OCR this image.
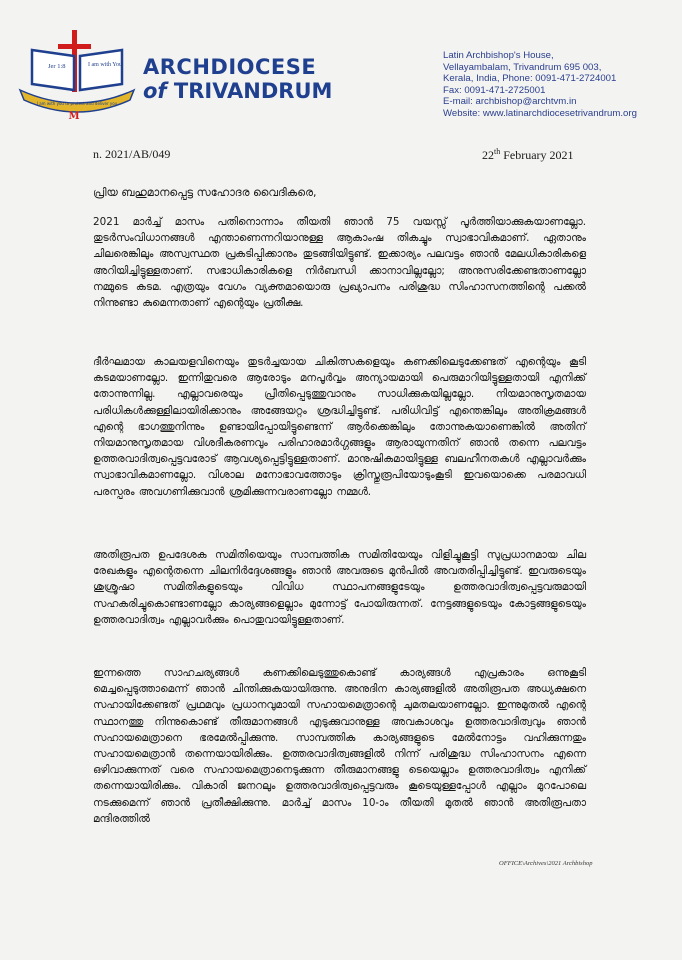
Jer 1:8	I am with You
I am with you to protect and deliver you
M
ARCHDIOCESE
of TRIVANDRUM
Latin Archbishop's House,
Vellayambalam, Trivandrum 695 003,
Kerala, India, Phone: 0091-471-2724001
Fax: 0091-471-2725001
E-mail: archbishop@archtvm.in
Website: www.latinarchdiocesetrivandrum.org
n. 2021/AB/049	22th February 2021
പ്രിയ ബഹുമാനപ്പെട്ട സഹോദര വൈദികരെ,

2021 മാർച്ച് മാസം പതിനൊന്നാം തീയതി ഞാൻ 75 വയസ്സ് പൂർത്തിയാക്കുകയാണല്ലോ. തുടർസംവിധാനങ്ങൾ എന്താണെന്നറിയാനുള്ള ആകാംഷ തികച്ചും സ്വാഭാവികമാണ്. ഏതാനും ചിലരെങ്കിലും അസ്വസ്ഥത പ്രകടിപ്പിക്കാനും തുടങ്ങിയിട്ടുണ്ട്. ഇക്കാര്യം പലവട്ടം ഞാൻ മേലധികാരികളെ അറിയിച്ചിട്ടുള്ളതാണ്. സഭാധികാരികളെ നിർബന്ധി ക്കാനാവില്ലല്ലോ; അനുസരിക്കേണ്ടതാണല്ലോ നമ്മുടെ കടമ. എത്രയും വേഗം വ്യക്തമായൊരു പ്രഖ്യാപനം പരിശുദ്ധ സിംഹാസനത്തിന്റെ പക്കൽ നിന്നുണ്ടാ കുമെന്നതാണ് എന്റെയും പ്രതീക്ഷ.

ദീർഘമായ കാലയളവിനെയും തുടർച്ചയായ ചികിത്സകളെയും കണക്കിലെടുക്കേണ്ടത് എന്റെയും കൂടി കടമയാണല്ലോ. ഇന്നിതുവരെ ആരോടും മനപൂർവ്വം അന്യായമായി പെരുമാറിയിട്ടുള്ളതായി എനിക്ക് തോന്നുന്നില്ല. എല്ലാവരെയും പ്രീതിപ്പെടുത്തുവാനും സാധിക്കുകയില്ലല്ലോ. നിയമാനുസൃതമായ പരിധികൾക്കുള്ളിലായിരിക്കാനും അങ്ങേയറ്റം ശ്രദ്ധിച്ചിട്ടുണ്ട്. പരിധിവിട്ട് എന്തെങ്കിലും അതിക്രമങ്ങൾ എന്റെ ഭാഗത്തുനിന്നും ഉണ്ടായിപ്പോയിട്ടുണ്ടെന്ന് ആർക്കെങ്കിലും തോന്നുകയാണെങ്കിൽ അതിന് നിയമാനുസൃതമായ വിശദീകരണവും പരിഹാരമാർഗ്ഗങ്ങളും ആരായുന്നതിന് ഞാൻ തന്നെ പലവട്ടം ഉത്തരവാദിത്വപ്പെട്ടവരോട് ആവശ്യപ്പെട്ടിട്ടുള്ളതാണ്. മാനുഷികമായിട്ടുള്ള ബലഹീനതകൾ എല്ലാവർക്കും സ്വാഭാവികമാണല്ലോ. വിശാല മനോഭാവത്തോടും ക്രിസ്തുരൂപിയോടുംകൂടി ഇവയൊക്കെ പരമാവധി പരസ്പരം അവഗണിക്കുവാൻ ശ്രമിക്കുന്നവരാണല്ലോ നമ്മൾ.

അതിരൂപത ഉപദേശക സമിതിയെയും സാമ്പത്തിക സമിതിയേയും വിളിച്ചുകൂട്ടി സുപ്രധാനമായ ചില രേഖകളും എന്റെതന്നെ ചിലനിർദ്ദേശങ്ങളും ഞാൻ അവരുടെ മുൻപിൽ അവതരിപ്പിച്ചിട്ടുണ്ട്. ഇവരുടെയും ശുശ്രൂഷാ സമിതികളുടെയും വിവിധ സ്ഥാപനങ്ങളുടേയും ഉത്തരവാദിത്വപ്പെട്ടവരുമായി സഹകരിച്ചുകൊണ്ടാണല്ലോ കാര്യങ്ങളെല്ലാം മുന്നോട്ട് പോയിരുന്നത്. നേട്ടങ്ങളുടെയും കോട്ടങ്ങളുടെയും ഉത്തരവാദിത്വം എല്ലാവർക്കും പൊതുവായിട്ടുള്ളതാണ്.

ഇന്നത്തെ സാഹചര്യങ്ങൾ കണക്കിലെടുത്തുകൊണ്ട് കാര്യങ്ങൾ എപ്രകാരം ഒന്നുകൂടി മെച്ചപ്പെടുത്താമെന്ന് ഞാൻ ചിന്തിക്കുകയായിരുന്നു. അനുദിന കാര്യങ്ങളിൽ അതിരൂപത അധ്യക്ഷനെ സഹായിക്കേണ്ടത് പ്രഥമവും പ്രധാനവുമായി സഹായമെത്രാന്റെ ചുമതലയാണല്ലോ. ഇന്നുമുതൽ എന്റെ സ്ഥാനത്തു നിന്നുകൊണ്ട് തീരുമാനങ്ങൾ എടുക്കുവാനുള്ള അവകാശവും ഉത്തരവാദിത്വവും ഞാൻ സഹായമെത്രാനെ ഭരമേൽപ്പിക്കുന്നു. സാമ്പത്തിക കാര്യങ്ങളുടെ മേൽനോട്ടം വഹിക്കുന്നതും സഹായമെത്രാൻ തന്നെയായിരിക്കും. ഉത്തരവാദിത്വങ്ങളിൽ നിന്ന് പരിശുദ്ധ സിംഹാസനം എന്നെ ഒഴിവാക്കുന്നത് വരെ സഹായമെത്രാനെടുക്കുന്ന തീരുമാനങ്ങളു ടെയെല്ലാം ഉത്തരവാദിത്വം എനിക്ക് തന്നെയായിരിക്കും. വികാരി ജനറലും ഉത്തരവാദിത്വപ്പെട്ടവരും കൂടെയുള്ളപ്പോൾ എല്ലാം മുറപോലെ നടക്കുമെന്ന് ഞാൻ പ്രതീക്ഷിക്കുന്നു. മാർച്ച് മാസം 10-ാം തീയതി മുതൽ ഞാൻ അതിരൂപതാ മന്ദിരത്തിൽ

OFFICE\Archives\2021 Archbishop
